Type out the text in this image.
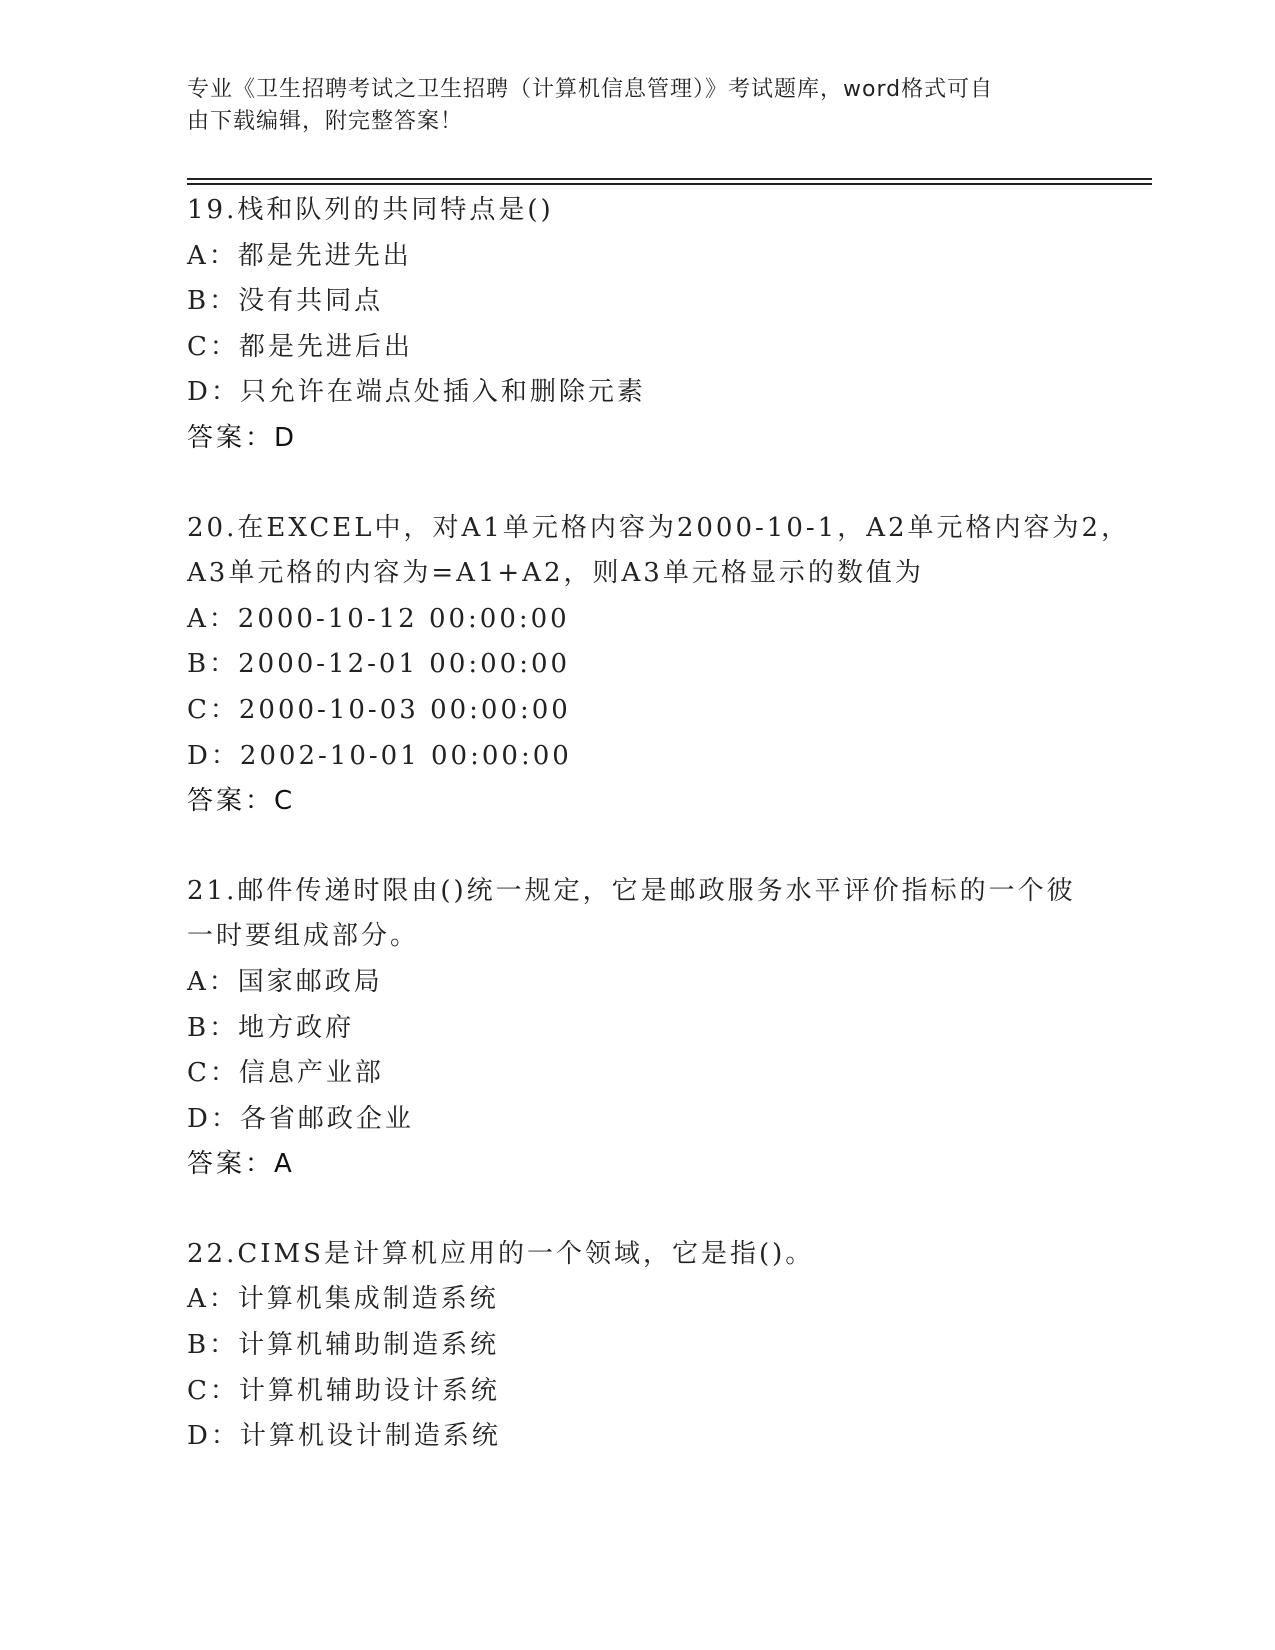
专业《卫生招聘考试之卫生招聘（计算机信息管理）》考试题库，word格式可自
由下载编辑，附完整答案！
19.栈和队列的共同特点是()
A：都是先进先出
B：没有共同点
C：都是先进后出
D：只允许在端点处插入和删除元素
答案：D
20.在EXCEL中，对A1单元格内容为2000-10-1，A2单元格内容为2，
A3单元格的内容为=A1+A2，则A3单元格显示的数值为
A：2000-10-12 00:00:00
B：2000-12-01 00:00:00
C：2000-10-03 00:00:00
D：2002-10-01 00:00:00
答案：C
21.邮件传递时限由()统一规定，它是邮政服务水平评价指标的一个彼
一时要组成部分。
A：国家邮政局
B：地方政府
C：信息产业部
D：各省邮政企业
答案：A
22.CIMS是计算机应用的一个领域，它是指()。
A：计算机集成制造系统
B：计算机辅助制造系统
C：计算机辅助设计系统
D：计算机设计制造系统
